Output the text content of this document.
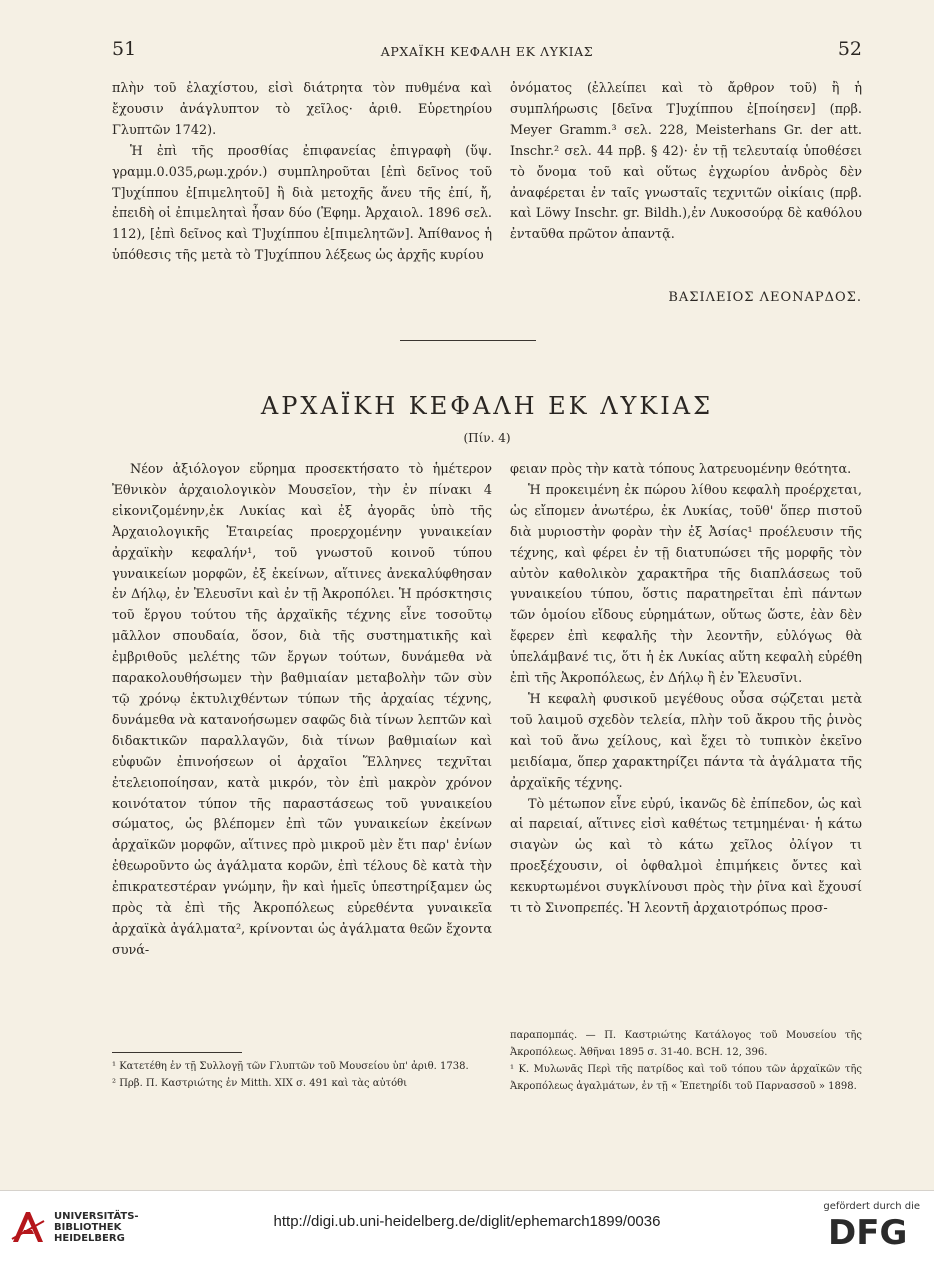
51	ΑΡΧΑΪΚΗ ΚΕΦΑΛΗ ΕΚ ΛΥΚΙΑΣ	52

πλὴν τοῦ ἐλαχίστου, εἰσὶ διάτρητα τὸν πυθμένα καὶ ἔχουσιν ἀνάγλυπτον τὸ χεῖλος· ἀριθ. Εὑρετηρίου Γλυπτῶν 1742).

Ἡ ἐπὶ τῆς προσθίας ἐπιφανείας ἐπιγραφὴ (ὕψ. γραμμ.0.035,ρωμ.χρόν.) συμπληροῦται [ἐπὶ δεῖνος τοῦ Τ]υχίππου ἐ[πιμελητοῦ] ἢ διὰ μετοχῆς ἄνευ τῆς ἐπί, ἤ, ἐπειδὴ οἱ ἐπιμεληταὶ ἦσαν δύο (Ἐφημ. Ἀρχαιολ. 1896 σελ. 112), [ἐπὶ δεῖνος καὶ Τ]υχίππου ἐ[πιμελητῶν]. Ἀπίθανος ἡ ὑπόθεσις τῆς μετὰ τὸ Τ]υχίππου λέξεως ὡς ἀρχῆς κυρίου

ὀνόματος (ἐλλείπει καὶ τὸ ἄρθρον τοῦ) ἢ ἡ συμπλήρωσις [δεῖνα Τ]υχίππου ἐ[ποίησεν] (πρβ. Meyer Gramm.³ σελ. 228, Meisterhans Gr. der att. Inschr.² σελ. 44 πρβ. § 42)· ἐν τῇ τελευταίᾳ ὑποθέσει τὸ ὄνομα τοῦ καὶ οὕτως ἐγχωρίου ἀνδρὸς δὲν ἀναφέρεται ἐν ταῖς γνωσταῖς τεχνιτῶν οἰκίαις (πρβ. καὶ Löwy Inschr. gr. Bildh.),ἐν Λυκοσούρᾳ δὲ καθόλου ἐνταῦθα πρῶτον ἀπαντᾷ.

ΒΑΣΙΛΕΙΟΣ ΛΕΟΝΑΡΔΟΣ.
ΑΡΧΑΪΚΗ ΚΕΦΑΛΗ ΕΚ ΛΥΚΙΑΣ
(Πίν. 4)

Νέον ἀξιόλογον εὕρημα προσεκτήσατο τὸ ἡμέτερον Ἐθνικὸν ἀρχαιολογικὸν Μουσεῖον, τὴν ἐν πίνακι 4 εἰκονιζομένην,ἐκ Λυκίας καὶ ἐξ ἀγορᾶς ὑπὸ τῆς Ἀρχαιολογικῆς Ἑταιρείας προερχομένην γυναικείαν ἀρχαϊκὴν κεφαλήν¹, τοῦ γνωστοῦ κοινοῦ τύπου γυναικείων μορφῶν, ἐξ ἐκείνων, αἵτινες ἀνεκαλύφθησαν ἐν Δήλῳ, ἐν Ἐλευσῖνι καὶ ἐν τῇ Ἀκροπόλει. Ἡ πρόσκτησις τοῦ ἔργου τούτου τῆς ἀρχαϊκῆς τέχνης εἶνε τοσοῦτῳ μᾶλλον σπουδαία, ὅσον, διὰ τῆς συστηματικῆς καὶ ἐμβριθοῦς μελέτης τῶν ἔργων τούτων, δυνάμεθα νὰ παρακολουθήσωμεν τὴν βαθμιαίαν μεταβολὴν τῶν σὺν τῷ χρόνῳ ἐκτυλιχθέντων τύπων τῆς ἀρχαίας τέχνης, δυνάμεθα νὰ κατανοήσωμεν σαφῶς διὰ τίνων λεπτῶν καὶ διδακτικῶν παραλλαγῶν, διὰ τίνων βαθμιαίων καὶ εὐφυῶν ἐπινοήσεων οἱ ἀρχαῖοι Ἕλληνες τεχνῖται ἐτελειοποίησαν, κατὰ μικρόν, τὸν ἐπὶ μακρὸν χρόνον κοινότατον τύπον τῆς παραστάσεως τοῦ γυναικείου σώματος, ὡς βλέπομεν ἐπὶ τῶν γυναικείων ἐκείνων ἀρχαϊκῶν μορφῶν, αἵτινες πρὸ μικροῦ μὲν ἔτι παρ' ἐνίων ἐθεωροῦντο ὡς ἀγάλματα κορῶν, ἐπὶ τέλους δὲ κατὰ τὴν ἐπικρατεστέραν γνώμην, ἣν καὶ ἡμεῖς ὑπεστηρίξαμεν ὡς πρὸς τὰ ἐπὶ τῆς Ἀκροπόλεως εὑρεθέντα γυναικεῖα ἀρχαϊκὰ ἀγάλματα², κρίνονται ὡς ἀγάλματα θεῶν ἔχοντα συνά-

φειαν πρὸς τὴν κατὰ τόπους λατρευομένην θεότητα.

Ἡ προκειμένη ἐκ πώρου λίθου κεφαλὴ προέρχεται, ὡς εἴπομεν ἀνωτέρω, ἐκ Λυκίας, τοῦθ' ὅπερ πιστοῦ διὰ μυριοστὴν φορὰν τὴν ἐξ Ἀσίας¹ προέλευσιν τῆς τέχνης, καὶ φέρει ἐν τῇ διατυπώσει τῆς μορφῆς τὸν αὐτὸν καθολικὸν χαρακτῆρα τῆς διαπλάσεως τοῦ γυναικείου τύπου, ὅστις παρατηρεῖται ἐπὶ πάντων τῶν ὁμοίου εἴδους εὑρημάτων, οὕτως ὥστε, ἐὰν δὲν ἔφερεν ἐπὶ κεφαλῆς τὴν λεοντῆν, εὐλόγως θὰ ὑπελάμβανέ τις, ὅτι ἡ ἐκ Λυκίας αὕτη κεφαλὴ εὑρέθη ἐπὶ τῆς Ἀκροπόλεως, ἐν Δήλῳ ἢ ἐν Ἐλευσῖνι.

Ἡ κεφαλὴ φυσικοῦ μεγέθους οὖσα σῴζεται μετὰ τοῦ λαιμοῦ σχεδὸν τελεία, πλὴν τοῦ ἄκρου τῆς ῥινὸς καὶ τοῦ ἄνω χείλους, καὶ ἔχει τὸ τυπικὸν ἐκεῖνο μειδίαμα, ὅπερ χαρακτηρίζει πάντα τὰ ἀγάλματα τῆς ἀρχαϊκῆς τέχνης.

Τὸ μέτωπον εἶνε εὐρύ, ἱκανῶς δὲ ἐπίπεδον, ὡς καὶ αἱ παρειαί, αἵτινες εἰσὶ καθέτως τετμημέναι· ἡ κάτω σιαγὼν ὡς καὶ τὸ κάτω χεῖλος ὀλίγον τι προεξέχουσιν, οἱ ὀφθαλμοὶ ἐπιμήκεις ὄντες καὶ κεκυρτωμένοι συγκλίνουσι πρὸς τὴν ῥῖνα καὶ ἔχουσί τι τὸ Σινοπρεπές. Ἡ λεοντῆ ἀρχαιοτρόπως προσ-

¹ Κατετέθη ἐν τῇ Συλλογῇ τῶν Γλυπτῶν τοῦ Μουσείου ὑπ' ἀριθ. 1738.

² Πρβ. Π. Καστριώτης ἐν Mitth. XIX σ. 491 καὶ τὰς αὐτόθι

παραπομπάς. — Π. Καστριώτης Κατάλογος τοῦ Μουσείου τῆς Ἀκροπόλεως. Ἀθῆναι 1895 σ. 31-40. BCH. 12, 396.

¹ Κ. Μυλωνᾶς Περὶ τῆς πατρίδος καὶ τοῦ τόπου τῶν ἀρχαϊκῶν τῆς Ἀκροπόλεως ἀγαλμάτων, ἐν τῇ « Ἐπετηρίδι τοῦ Παρνασσοῦ » 1898.

UNIVERSITÄTS-
BIBLIOTHEK
HEIDELBERG
http://digi.ub.uni-heidelberg.de/diglit/ephemarch1899/0036
gefördert durch die
DFG
